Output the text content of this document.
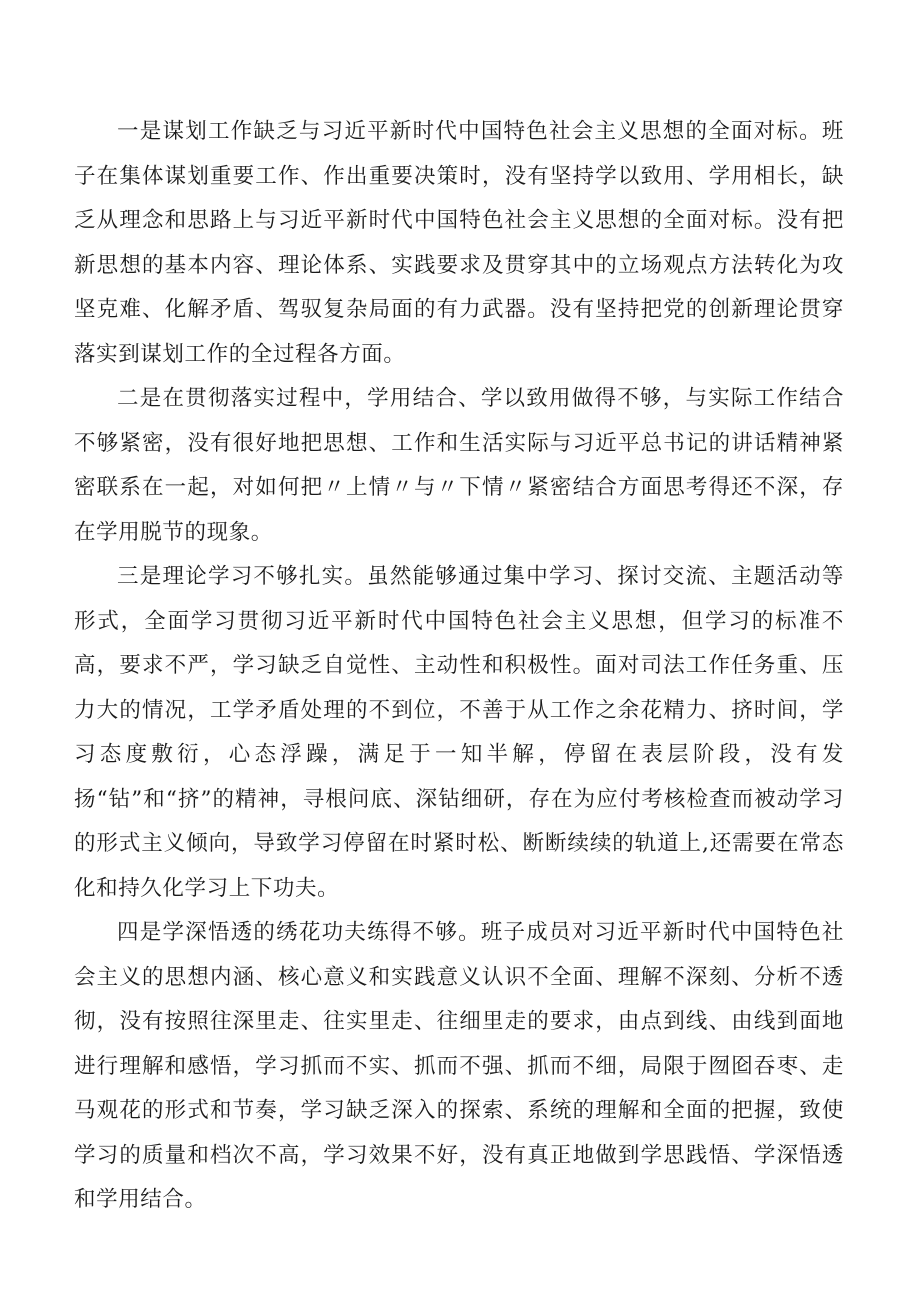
一是谋划工作缺乏与习近平新时代中国特色社会主义思想的全面对标。班子在集体谋划重要工作、作出重要决策时，没有坚持学以致用、学用相长，缺乏从理念和思路上与习近平新时代中国特色社会主义思想的全面对标。没有把新思想的基本内容、理论体系、实践要求及贯穿其中的立场观点方法转化为攻坚克难、化解矛盾、驾驭复杂局面的有力武器。没有坚持把党的创新理论贯穿落实到谋划工作的全过程各方面。

二是在贯彻落实过程中，学用结合、学以致用做得不够，与实际工作结合不够紧密，没有很好地把思想、工作和生活实际与习近平总书记的讲话精神紧密联系在一起，对如何把〃上情〃与〃下情〃紧密结合方面思考得还不深，存在学用脱节的现象。

三是理论学习不够扎实。虽然能够通过集中学习、探讨交流、主题活动等形式，全面学习贯彻习近平新时代中国特色社会主义思想，但学习的标准不高，要求不严，学习缺乏自觉性、主动性和积极性。面对司法工作任务重、压力大的情况，工学矛盾处理的不到位，不善于从工作之余花精力、挤时间，学习态度敷衍，心态浮躁，满足于一知半解，停留在表层阶段，没有发扬“钻”和“挤”的精神，寻根问底、深钻细研，存在为应付考核检查而被动学习的形式主义倾向，导致学习停留在时紧时松、断断续续的轨道上,还需要在常态化和持久化学习上下功夫。

四是学深悟透的绣花功夫练得不够。班子成员对习近平新时代中国特色社会主义的思想内涵、核心意义和实践意义认识不全面、理解不深刻、分析不透彻，没有按照往深里走、往实里走、往细里走的要求，由点到线、由线到面地进行理解和感悟，学习抓而不实、抓而不强、抓而不细，局限于囫囵吞枣、走马观花的形式和节奏，学习缺乏深入的探索、系统的理解和全面的把握，致使学习的质量和档次不高，学习效果不好，没有真正地做到学思践悟、学深悟透和学用结合。
